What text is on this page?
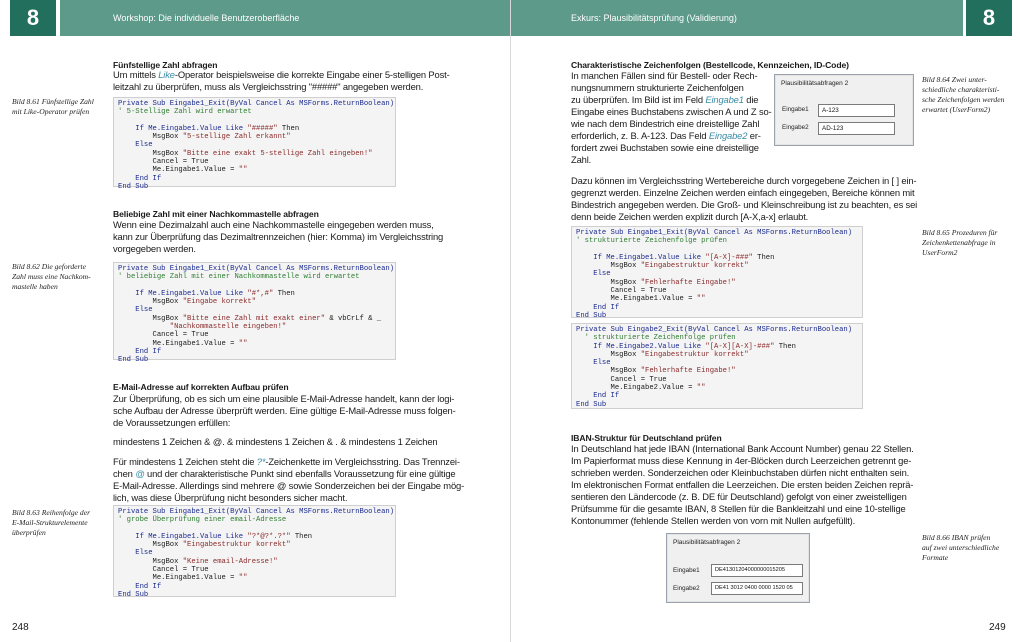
8	Workshop: Die individuelle Benutzeroberfläche
Fünfstellige Zahl abfragen
Um mittels Like-Operator beispielsweise die korrekte Eingabe einer 5-stelligen Post-
leitzahl zu überprüfen, muss als Vergleichsstring "#####" angegeben werden.
Bild 8.61 Fünfstellige Zahl
mit Like-Operator prüfen
Private Sub Eingabe1_Exit(ByVal Cancel As MSForms.ReturnBoolean)
' 5-Stellige Zahl wird erwartet

If Me.Eingabe1.Value Like "#####" Then
MsgBox "5-stellige Zahl erkannt"
Else
MsgBox "Bitte eine exakt 5-stellige Zahl eingeben!"
Cancel = True
Me.Eingabe1.Value = ""
End If
End Sub
Beliebige Zahl mit einer Nachkommastelle abfragen
Wenn eine Dezimalzahl auch eine Nachkommastelle eingegeben werden muss,
kann zur Überprüfung das Dezimaltrennzeichen (hier: Komma) im Vergleichsstring
vorgegeben werden.
Bild 8.62 Die geforderte
Zahl muss eine Nachkom-
mastelle haben
Private Sub Eingabe1_Exit(ByVal Cancel As MSForms.ReturnBoolean)
' beliebige Zahl mit einer Nachkommastelle wird erwartet

If Me.Eingabe1.Value Like "#*,#" Then
MsgBox "Eingabe korrekt"
Else
MsgBox "Bitte eine Zahl mit exakt einer" & vbCrLf & _
"Nachkommastelle eingeben!"
Cancel = True
Me.Eingabe1.Value = ""
End If
End Sub
E-Mail-Adresse auf korrekten Aufbau prüfen
Zur Überprüfung, ob es sich um eine plausible E-Mail-Adresse handelt, kann der logi-
sche Aufbau der Adresse überprüft werden. Eine gültige E-Mail-Adresse muss folgen-
de Voraussetzungen erfüllen:
mindestens 1 Zeichen & @. & mindestens 1 Zeichen & . & mindestens 1 Zeichen
Für mindestens 1 Zeichen steht die ?*-Zeichenkette im Vergleichsstring. Das Trennzei-
chen @ und der charakteristische Punkt sind ebenfalls Voraussetzung für eine gültige
E-Mail-Adresse. Allerdings sind mehrere @ sowie Sonderzeichen bei der Eingabe mög-
lich, was diese Überprüfung nicht besonders sicher macht.
Bild 8.63 Reihenfolge der
E-Mail-Strukturelemente
überprüfen
Private Sub Eingabe1_Exit(ByVal Cancel As MSForms.ReturnBoolean)
' grobe Überprüfung einer email-Adresse

If Me.Eingabe1.Value Like "?*@?*.?*" Then
MsgBox "Eingabestruktur korrekt"
Else
MsgBox "Keine email-Adresse!"
Cancel = True
Me.Eingabe1.Value = ""
End If
End Sub
248
Exkurs: Plausibilitätsprüfung (Validierung)	8
Charakteristische Zeichenfolgen (Bestellcode, Kennzeichen, ID-Code)
In manchen Fällen sind für Bestell- oder Rech-
nungsnummern strukturierte Zeichenfolgen
zu überprüfen. Im Bild ist im Feld Eingabe1 die
Eingabe eines Buchstabens zwischen A und Z so-
wie nach dem Bindestrich eine dreistellige Zahl
erforderlich, z. B. A-123. Das Feld Eingabe2 er-
fordert zwei Buchstaben sowie eine dreistellige
Zahl.
Plausibilitätsabfragen 2
Eingabe1	A-123
Eingabe2	AD-123
Bild 8.64 Zwei unter-
schiedliche charakteristi-
sche Zeichenfolgen werden
erwartet (UserForm2)
Dazu können im Vergleichsstring Wertebereiche durch vorgegebene Zeichen in [ ] ein-
gegrenzt werden. Einzelne Zeichen werden einfach eingegeben, Bereiche können mit
Bindestrich angegeben werden. Die Groß- und Kleinschreibung ist zu beachten, es sei
denn beide Zeichen werden explizit durch [A-X,a-x] erlaubt.
Bild 8.65 Prozeduren für
Zeichenkettenabfrage in
UserForm2
Private Sub Eingabe1_Exit(ByVal Cancel As MSForms.ReturnBoolean)
' strukturierte Zeichenfolge prüfen

If Me.Eingabe1.Value Like "[A-X]-###" Then
MsgBox "Eingabestruktur korrekt"
Else
MsgBox "Fehlerhafte Eingabe!"
Cancel = True
Me.Eingabe1.Value = ""
End If
End Sub
Private Sub Eingabe2_Exit(ByVal Cancel As MSForms.ReturnBoolean)
' strukturierte Zeichenfolge prüfen
If Me.Eingabe2.Value Like "[A-X][A-X]-###" Then
MsgBox "Eingabestruktur korrekt"
Else
MsgBox "Fehlerhafte Eingabe!"
Cancel = True
Me.Eingabe2.Value = ""
End If
End Sub
IBAN-Struktur für Deutschland prüfen
In Deutschland hat jede IBAN (International Bank Account Number) genau 22 Stellen.
Im Papierformat muss diese Kennung in 4er-Blöcken durch Leerzeichen getrennt ge-
schrieben werden. Sonderzeichen oder Kleinbuchstaben dürfen nicht enthalten sein.
Im elektronischen Format entfallen die Leerzeichen. Die ersten beiden Zeichen reprä-
sentieren den Ländercode (z. B. DE für Deutschland) gefolgt von einer zweistelligen
Prüfsumme für die gesamte IBAN, 8 Stellen für die Bankleitzahl und eine 10-stellige
Kontonummer (fehlende Stellen werden von vorn mit Nullen aufgefüllt).
Plausibilitätsabfragen 2
Eingabe1	DE41301204000000015205
Eingabe2	DE41 3012 0400 0000 1520 05
Bild 8.66 IBAN prüfen
auf zwei unterschiedliche
Formate
249
